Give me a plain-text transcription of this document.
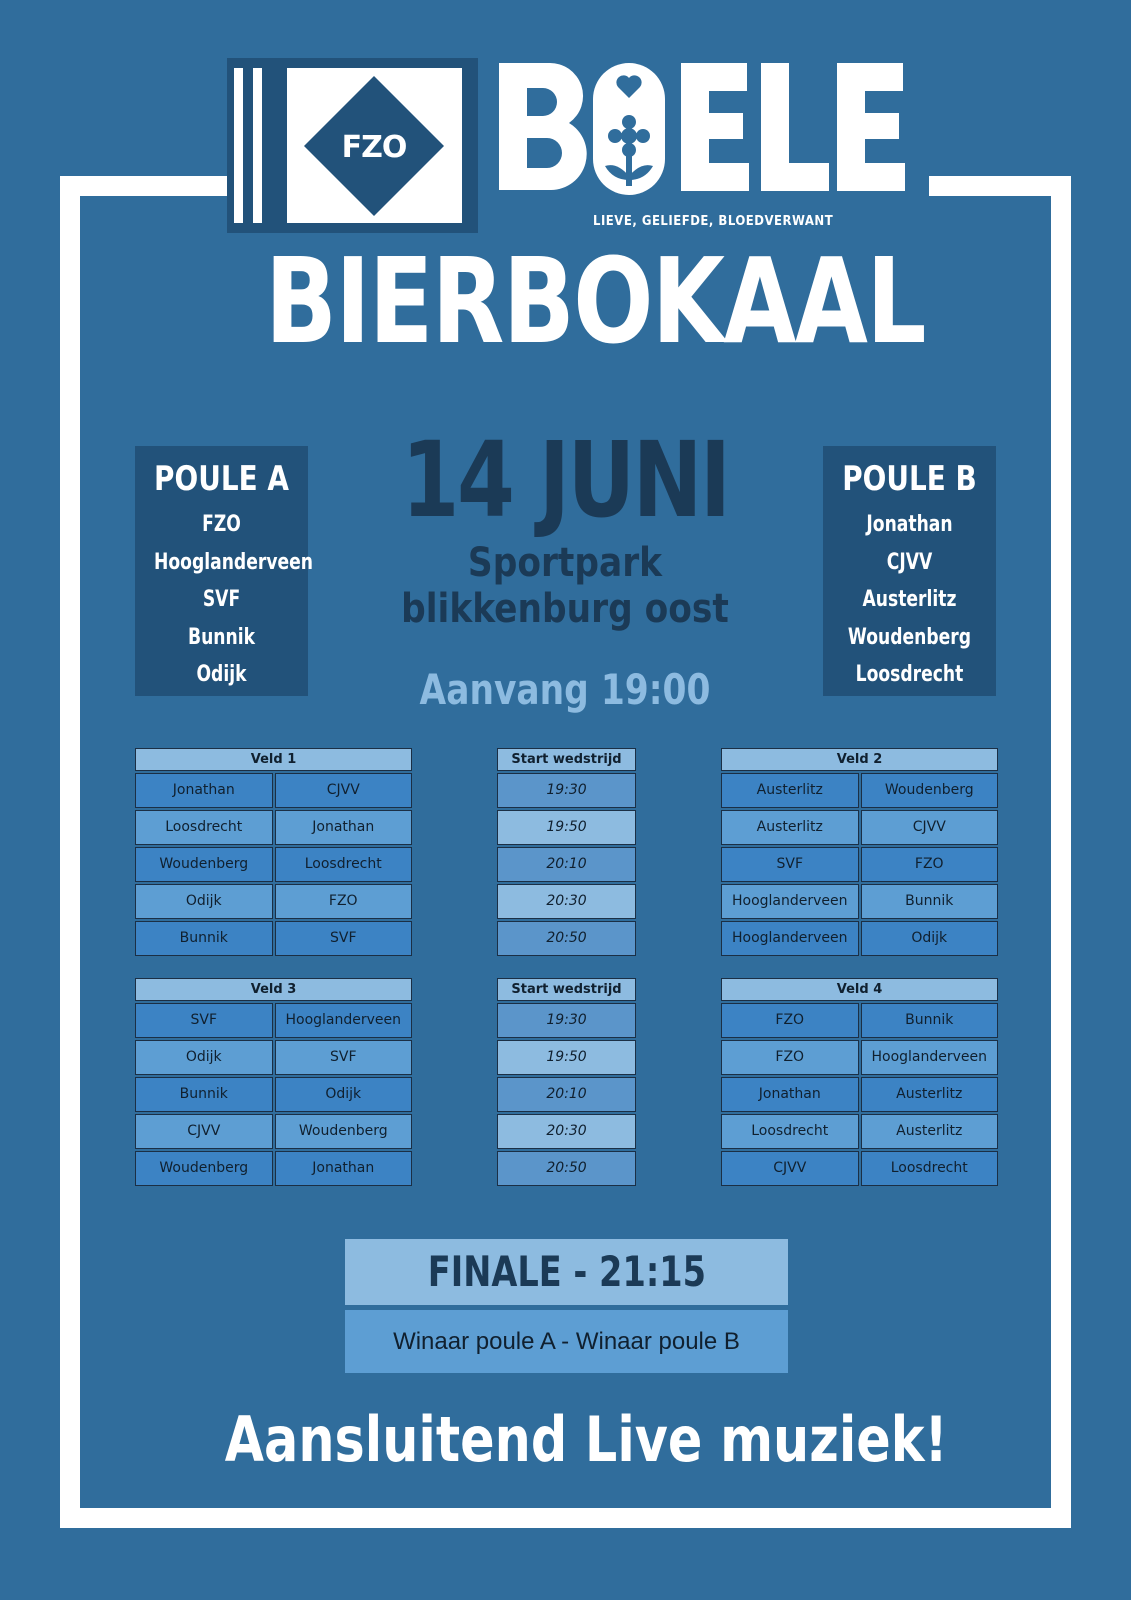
FZO
BOELE
LIEVE, GELIEFDE, BLOEDVERWANT
BIERBOKAAL
POULE A
FZO
Hooglanderveen
SVF
Bunnik
Odijk
POULE B
Jonathan
CJVV
Austerlitz
Woudenberg
Loosdrecht
14 JUNI
Sportpark
blikkenburg oost
Aanvang 19:00
Veld 1
Jonathan	CJVV
Loosdrecht	Jonathan
Woudenberg	Loosdrecht
Odijk	FZO
Bunnik	SVF
Start wedstrijd
19:30
19:50
20:10
20:30
20:50
Veld 2
Austerlitz	Woudenberg
Austerlitz	CJVV
SVF	FZO
Hooglanderveen	Bunnik
Hooglanderveen	Odijk
Veld 3
SVF	Hooglanderveen
Odijk	SVF
Bunnik	Odijk
CJVV	Woudenberg
Woudenberg	Jonathan
Start wedstrijd
19:30
19:50
20:10
20:30
20:50
Veld 4
FZO	Bunnik
FZO	Hooglanderveen
Jonathan	Austerlitz
Loosdrecht	Austerlitz
CJVV	Loosdrecht
FINALE - 21:15
Winaar poule A - Winaar poule B
Aansluitend Live muziek!
